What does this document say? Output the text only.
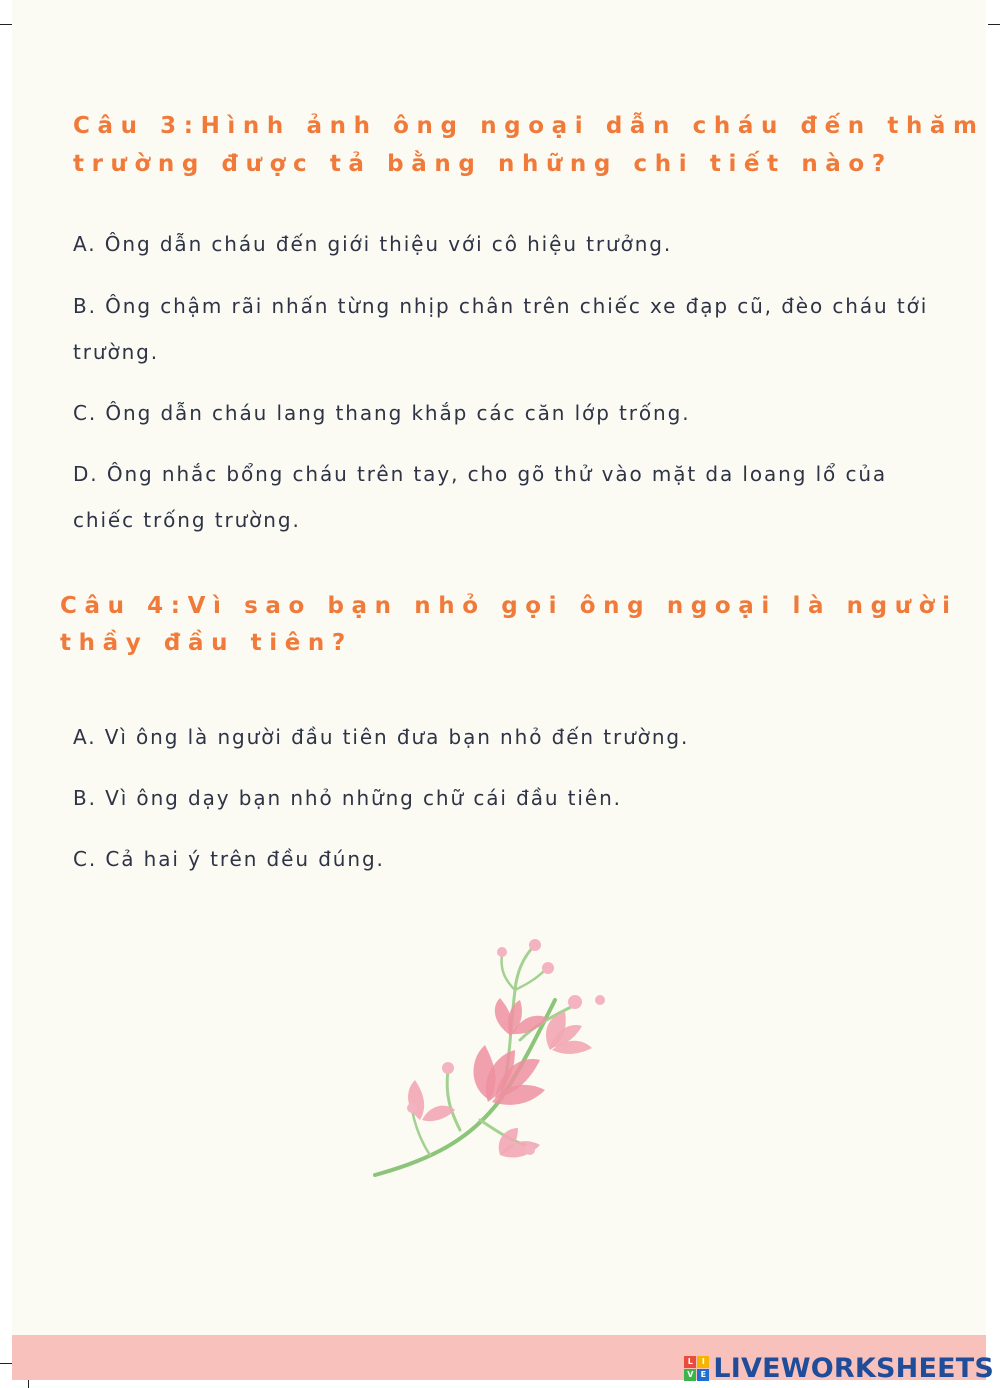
Câu 3:Hình ảnh ông ngoại dẫn cháu đến thăm

trường được tả bằng những chi tiết nào?

A. Ông dẫn cháu đến giới thiệu với cô hiệu trưởng.

B. Ông chậm rãi nhấn từng nhịp chân trên chiếc xe đạp cũ, đèo cháu tới trường.

C. Ông dẫn cháu lang thang khắp các căn lớp trống.

D. Ông nhắc bổng cháu trên tay, cho gõ thử vào mặt da loang lổ của chiếc trống trường.

Câu 4:Vì sao bạn nhỏ gọi ông ngoại là người

thầy đầu tiên?

A. Vì ông là người đầu tiên đưa bạn nhỏ đến trường.

B. Vì ông dạy bạn nhỏ những chữ cái đầu tiên.

C. Cả hai ý trên đều đúng.

L	I
V E LIVEWORKSHEETS
